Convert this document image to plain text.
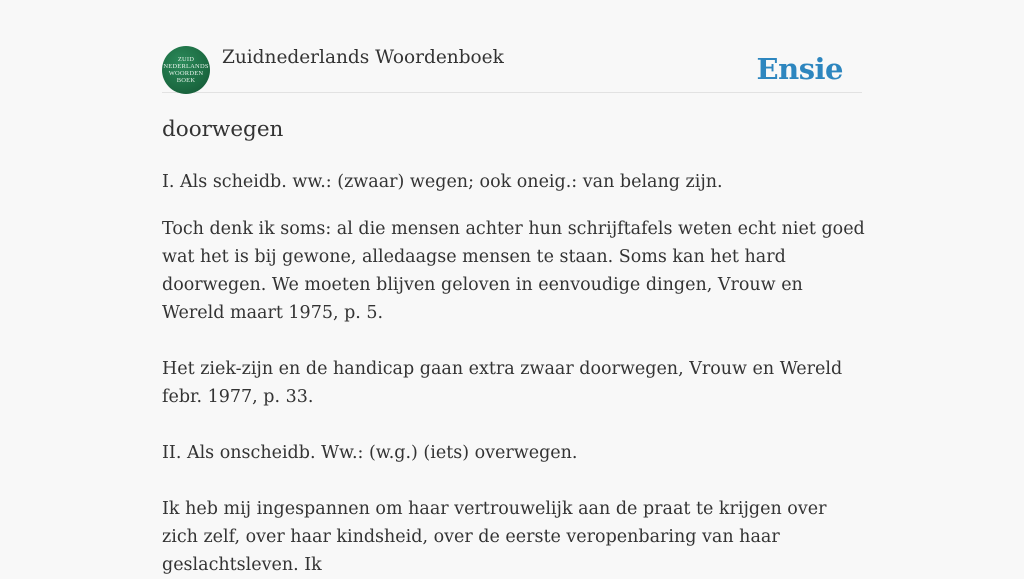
ZUID
NEDERLANDS
WOORDEN
BOEK
Zuidnederlands Woordenboek	Ensie
doorwegen

I. Als scheidb. ww.: (zwaar) wegen; ook oneig.: van belang zijn.

Toch denk ik soms: al die mensen achter hun schrijftafels weten echt niet goed wat het is bij gewone, alledaagse mensen te staan. Soms kan het hard doorwegen. We moeten blijven geloven in eenvoudige dingen, Vrouw en Wereld maart 1975, p. 5.

Het ziek-zijn en de handicap gaan extra zwaar doorwegen, Vrouw en Wereld febr. 1977, p. 33.

II. Als onscheidb. Ww.: (w.g.) (iets) overwegen.

Ik heb mij ingespannen om haar vertrouwelijk aan de praat te krijgen over zich zelf, over haar kindsheid, over de eerste veropenbaring van haar geslachtsleven. Ik
